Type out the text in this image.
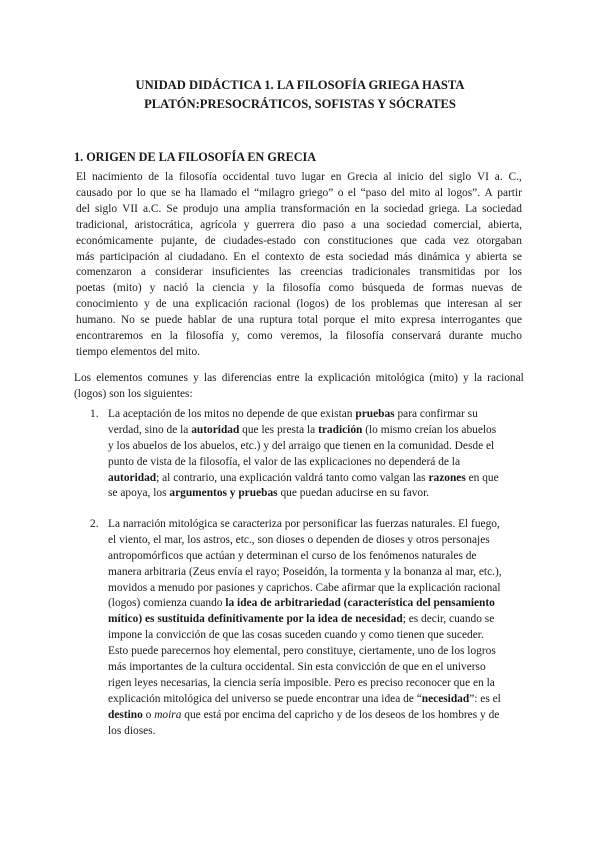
UNIDAD DIDÁCTICA 1. LA FILOSOFÍA GRIEGA HASTA
PLATÓN:PRESOCRÁTICOS, SOFISTAS Y SÓCRATES
1. ORIGEN DE LA FILOSOFÍA EN GRECIA
El nacimiento de la filosofía occidental tuvo lugar en Grecia al inicio del siglo VI a. C.,
causado por lo que se ha llamado el “milagro griego” o el “paso del mito al logos”. A partir
del siglo VII a.C. Se produjo una amplia transformación en la sociedad griega. La sociedad
tradicional, aristocrática, agrícola y guerrera dio paso a una sociedad comercial, abierta,
económicamente pujante, de ciudades-estado con constituciones que cada vez otorgaban
más participación al ciudadano. En el contexto de esta sociedad más dinámica y abierta se
comenzaron a considerar insuficientes las creencias tradicionales transmitidas por los
poetas (mito) y nació la ciencia y la filosofía como búsqueda de formas nuevas de
conocimiento y de una explicación racional (logos) de los problemas que interesan al ser
humano. No se puede hablar de una ruptura total porque el mito expresa interrogantes que
encontraremos en la filosofía y, como veremos, la filosofía conservará durante mucho
tiempo elementos del mito.
Los elementos comunes y las diferencias entre la explicación mitológica (mito) y la racional
(logos) son los siguientes:
1. La aceptación de los mitos no depende de que existan pruebas para confirmar su
verdad, sino de la autoridad que les presta la tradición (lo mismo creían los abuelos
y los abuelos de los abuelos, etc.) y del arraigo que tienen en la comunidad. Desde el
punto de vista de la filosofía, el valor de las explicaciones no dependerá de la
autoridad; al contrario, una explicación valdrá tanto como valgan las razones en que
se apoya, los argumentos y pruebas que puedan aducirse en su favor.
2. La narración mitológica se caracteriza por personificar las fuerzas naturales. El fuego,
el viento, el mar, los astros, etc., son dioses o dependen de dioses y otros personajes
antropomórficos que actúan y determinan el curso de los fenómenos naturales de
manera arbitraria (Zeus envía el rayo; Poseidón, la tormenta y la bonanza al mar, etc.),
movidos a menudo por pasiones y caprichos. Cabe afirmar que la explicación racional
(logos) comienza cuando la idea de arbitrariedad (característica del pensamiento
mítico) es sustituida definitivamente por la idea de necesidad; es decir, cuando se
impone la convicción de que las cosas suceden cuando y como tienen que suceder.
Esto puede parecernos hoy elemental, pero constituye, ciertamente, uno de los logros
más importantes de la cultura occidental. Sin esta convicción de que en el universo
rigen leyes necesarias, la ciencia sería imposible. Pero es preciso reconocer que en la
explicación mitológica del universo se puede encontrar una idea de “necesidad”: es el
destino o moira que está por encima del capricho y de los deseos de los hombres y de
los dioses.
